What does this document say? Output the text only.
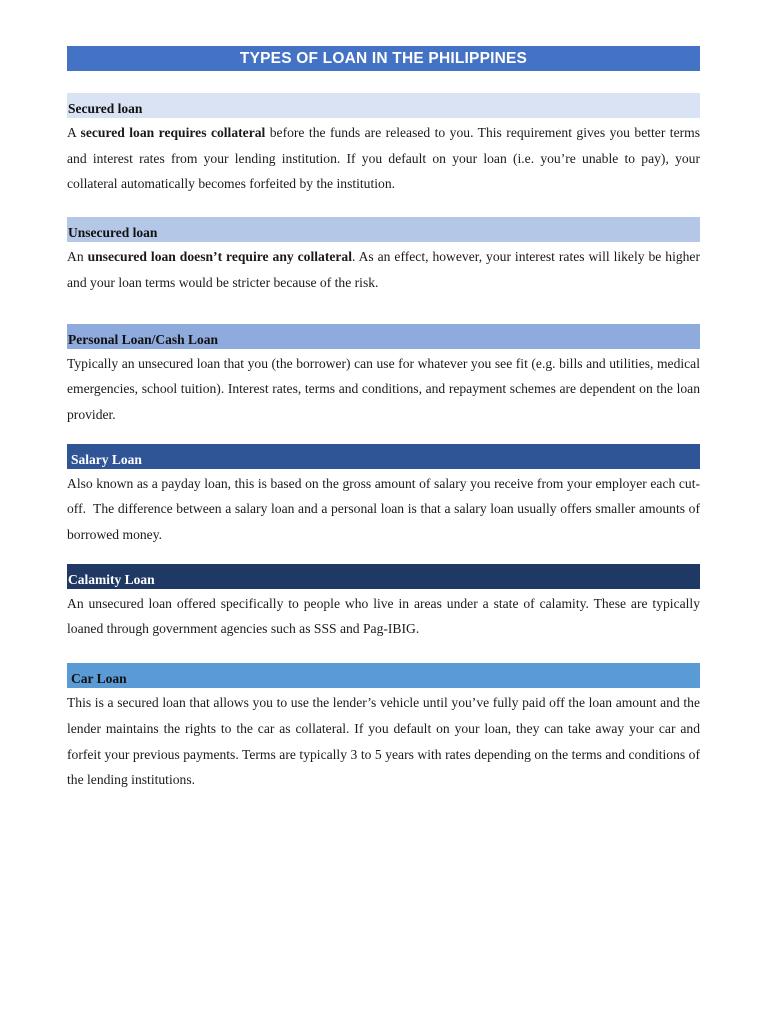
TYPES OF LOAN IN THE PHILIPPINES
Secured loan

A secured loan requires collateral before the funds are released to you. This requirement gives you better terms and interest rates from your lending institution. If you default on your loan (i.e. you’re unable to pay), your collateral automatically becomes forfeited by the institution.

Unsecured loan

An unsecured loan doesn’t require any collateral. As an effect, however, your interest rates will likely be higher and your loan terms would be stricter because of the risk.

Personal Loan/Cash Loan

Typically an unsecured loan that you (the borrower) can use for whatever you see fit (e.g. bills and utilities, medical emergencies, school tuition). Interest rates, terms and conditions, and repayment schemes are dependent on the loan provider.

Salary Loan

Also known as a payday loan, this is based on the gross amount of salary you receive from your employer each cut-off.  The difference between a salary loan and a personal loan is that a salary loan usually offers smaller amounts of borrowed money.

Calamity Loan

An unsecured loan offered specifically to people who live in areas under a state of calamity. These are typically loaned through government agencies such as SSS and Pag-IBIG.

Car Loan

This is a secured loan that allows you to use the lender’s vehicle until you’ve fully paid off the loan amount and the lender maintains the rights to the car as collateral. If you default on your loan, they can take away your car and forfeit your previous payments. Terms are typically 3 to 5 years with rates depending on the terms and conditions of the lending institutions.
